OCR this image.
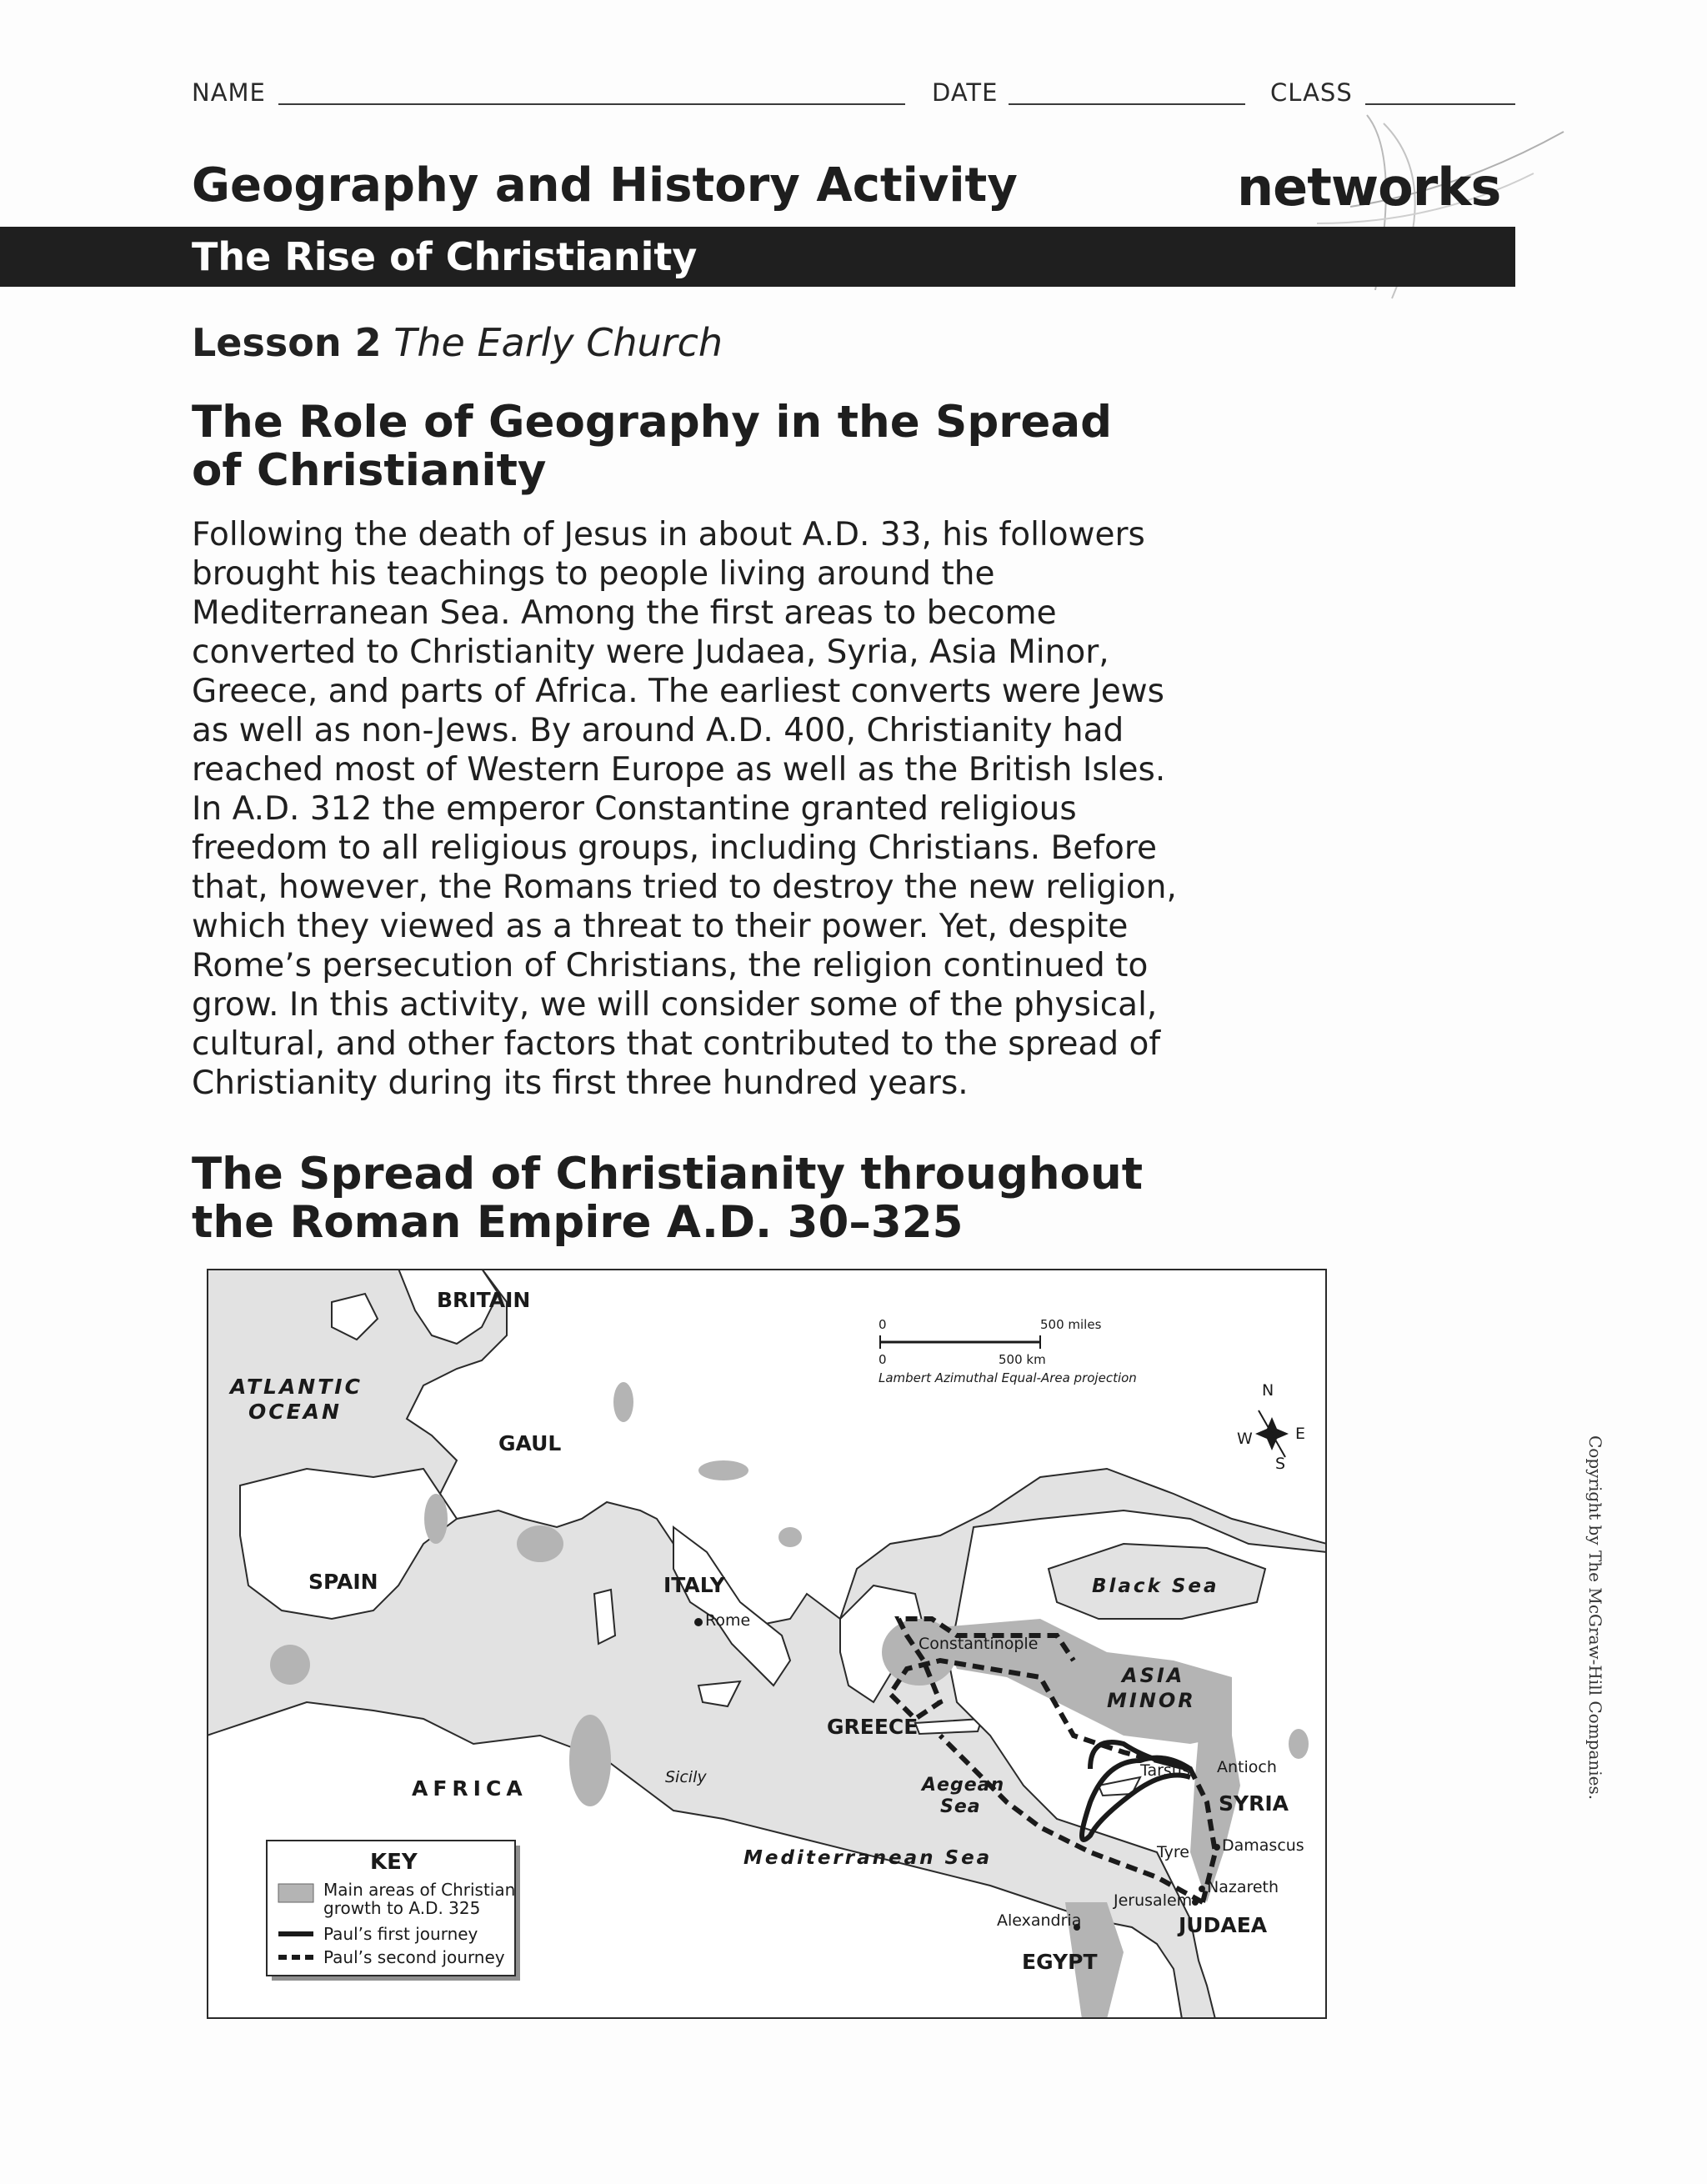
NAME	DATE	CLASS
Geography and History Activity	networks
The Rise of Christianity
Lesson 2 The Early Church
The Role of Geography in the Spread
of Christianity
Following the death of Jesus in about A.D. 33, his followers
brought his teachings to people living around the
Mediterranean Sea. Among the first areas to become
converted to Christianity were Judaea, Syria, Asia Minor,
Greece, and parts of Africa. The earliest converts were Jews
as well as non-Jews. By around A.D. 400, Christianity had
reached most of Western Europe as well as the British Isles.
In A.D. 312 the emperor Constantine granted religious
freedom to all religious groups, including Christians. Before
that, however, the Romans tried to destroy the new religion,
which they viewed as a threat to their power. Yet, despite
Rome’s persecution of Christians, the religion continued to
grow. In this activity, we will consider some of the physical,
cultural, and other factors that contributed to the spread of
Christianity during its first three hundred years.
The Spread of Christianity throughout
the Roman Empire A.D. 30–325
Copyright by The McGraw-Hill Companies.
0	500 miles
0	500 km
Lambert Azimuthal Equal-Area projection
N
E
S
W
BRITAIN
ATLANTIC
OCEAN
GAUL
SPAIN	ITALY
Rome
Black Sea
Constantinople
ASIA
MINOR
GREECE
Tarsus Antioch
AFRICA	Sicily	Aegean
Sea	SYRIA
Mediterranean Sea	Tyre Damascus
Nazareth
Jerusalem
Alexandria	JUDAEA
EGYPT
KEY
Main areas of Christian
growth to A.D. 325
Paul’s first journey
Paul’s second journey
